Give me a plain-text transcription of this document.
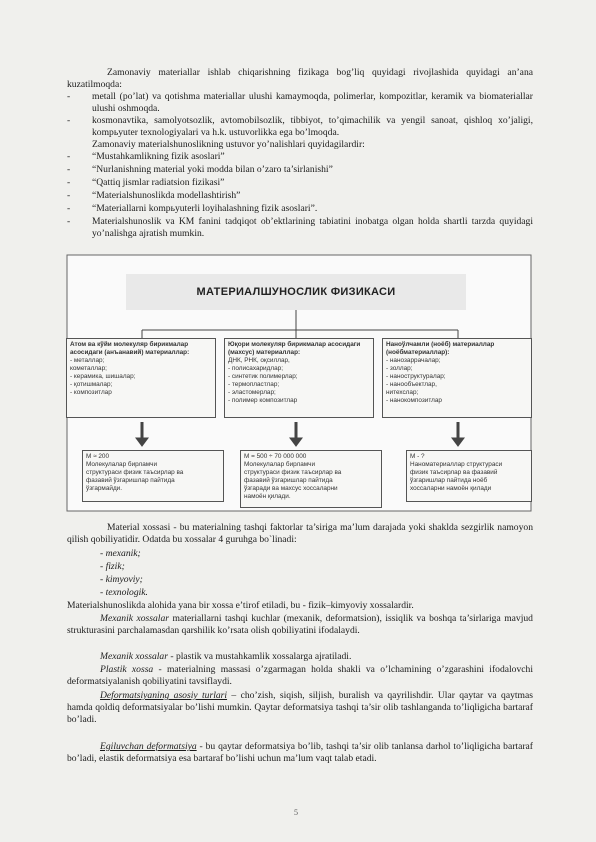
Zamonaviy materiallar ishlab chiqarishning fizikaga bog’liq quyidagi rivojlashida quyidagi an’ana kuzatilmoqda:
- metall (po’lat) va qotishma materiallar ulushi kamaymoqda, polimerlar, kompozitlar, keramik va biomateriallar ulushi oshmoqda.
- kosmonavtika, samolyotsozlik, avtomobilsozlik, tibbiyot, to’qimachilik va yengil sanoat, qishloq xo’jaligi, kompьyuter texnologiyalari va h.k. ustuvorlikka ega bo’lmoqda.
Zamonaviy materialshunoslikning ustuvor yo’nalishlari quyidagilardir:
- “Mustahkamlikning fizik asoslari”
- “Nurlanishning material yoki modda bilan o’zaro ta’sirlanishi”
- “Qattiq jismlar radiatsion fizikasi”
- “Materialshunoslikda modellashtirish”
- “Materiallarni kompьyuterli loyihalashning fizik asoslari”.
- Materialshunoslik va KM fanini tadqiqot ob’ektlarining tabiatini inobatga olgan holda shartli tarzda quyidagi yo’nalishga ajratish mumkin.
МАТЕРИАЛШУНОСЛИК ФИЗИКАСИ
Атом ва кўйи молекуляр бирикмалар асосидаги (анъанавий) материаллар:
- металлар;
кометаллар;
- керамика, шишалар;
- қотишмалар;
- композитлар
Юқори молекуляр бирикмалар асосидаги (махсус) материаллар:
ДНК, РНК, оқсиллар,
- полисахаридлар;
- синтетик полимерлар;
- термопластлар;
- эластомерлар;
- полимер композитлар
Наноўлчамли (ноёб) материаллар (ноёбматериаллар):
- нанозаррачалар;
- золлар;
- наноструктуралар;
- нанообъектлар,
нитехслар;
- нанокомпозитлар
М ≈ 200
Молекулалар бирламчи
структураси физик таъсирлар ва
фазавий ўзгаришлар пайтида
ўзгармайди.
М = 500 ÷ 70 000 000
Молекулалар бирламчи
структураси физик таъсирлар ва
фазавий ўзгаришлар пайтида
ўзгаради ва махсус хоссаларни
намоён қилади.
М - ?
Наноматериаллар структураси
физик таъсирлар ва фазавий
ўзгаришлар пайтида ноёб
хоссаларни намоён қилади
Material xossasi - bu materialning tashqi faktorlar ta’siriga ma’lum darajada yoki shaklda sezgirlik namoyon qilish qobiliyatidir. Odatda bu xossalar 4 guruhga bo`linadi:
- mexanik;
- fizik;
- kimyoviy;
- texnologik.
Materialshunoslikda alohida yana bir xossa e’tirof etiladi, bu - fizik–kimyoviy xossalardir.
Mexanik xossalar materiallarni tashqi kuchlar (mexanik, deformatsion), issiqlik va boshqa ta’sirlariga mavjud strukturasini parchalamasdan qarshilik ko’rsata olish qobiliyatini ifodalaydi.
Mexanik xossalar - plastik va mustahkamlik xossalarga ajratiladi.
Plastik xossa - materialning massasi o’zgarmagan holda shakli va o’lchamining o’zgarashini ifodalovchi deformatsiyalanish qobiliyatini tavsiflaydi.
Deformatsiyaning asosiy turlari – cho’zish, siqish, siljish, buralish va qayrilishdir. Ular qaytar va qaytmas hamda qoldiq deformatsiyalar bo’lishi mumkin. Qaytar deformatsiya tashqi ta’sir olib tashlanganda to’liqligicha bartaraf bo’ladi.
Egiluvchan deformatsiya - bu qaytar deformatsiya bo’lib, tashqi ta’sir olib tanlansa darhol to’liqligicha bartaraf bo’ladi, elastik deformatsiya esa bartaraf bo’lishi uchun ma’lum vaqt talab etadi.
5
